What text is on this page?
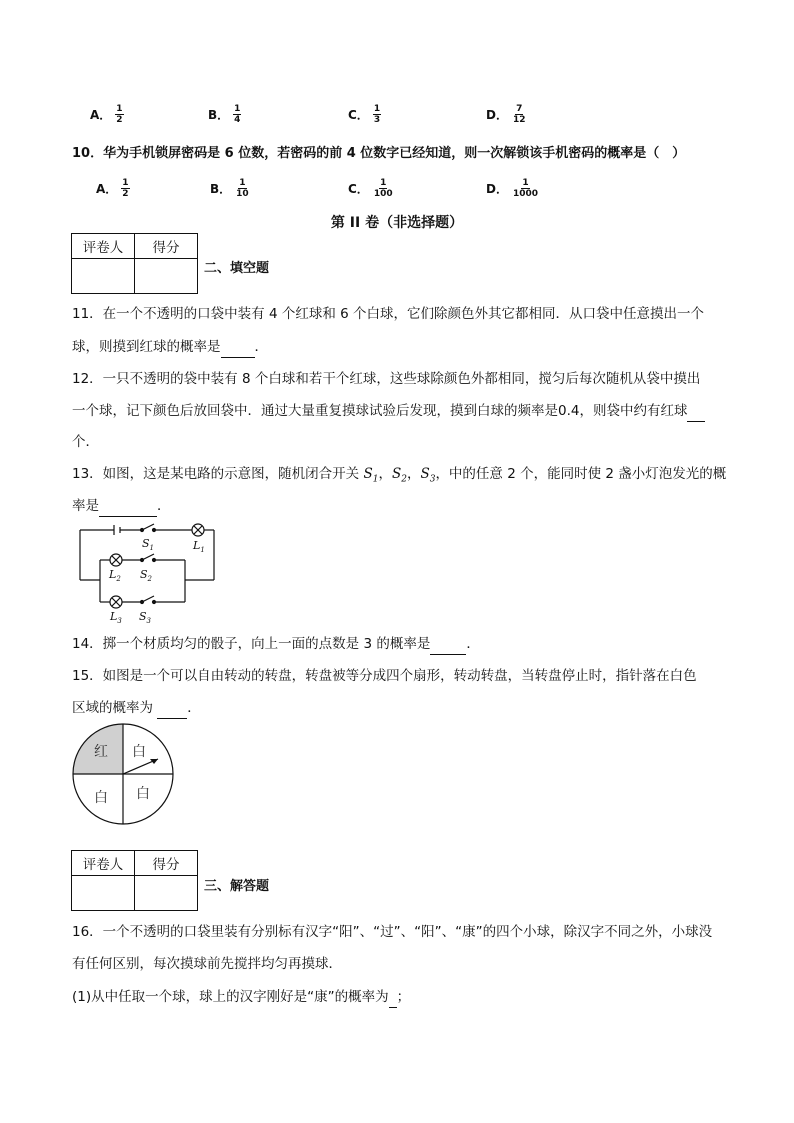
A． $\frac{1}{2}$	B． $\frac{1}{4}$	C． $\frac{1}{3}$	D． $\frac{7}{12}$
10．华为手机锁屏密码是 6 位数，若密码的前 4 位数字已经知道，则一次解锁该手机密码的概率是（　）
A． $\frac{1}{2}$	B． $\frac{1}{10}$	C． $\frac{1}{100}$	D． $\frac{1}{1000}$
第 II 卷（非选择题）
评卷人	得分

二、填空题
11．在一个不透明的口袋中装有 4 个红球和 6 个白球，它们除颜色外其它都相同．从口袋中任意摸出一个
球，则摸到红球的概率是	．
12．一只不透明的袋中装有 8 个白球和若干个红球，这些球除颜色外都相同，搅匀后每次随机从袋中摸出
一个球，记下颜色后放回袋中．通过大量重复摸球试验后发现，摸到白球的频率是0.4，则袋中约有红球
个．
13．如图，这是某电路的示意图，随机闭合开关 $S_1$，$S_2$，$S_3$，中的任意 2 个，能同时使 2 盏小灯泡发光的概
率是	．
$S_1$	$L_1$
$L_2$ $S_2$
$L_3$ $S_3$
14．掷一个材质均匀的骰子，向上一面的点数是 3 的概率是	．
15．如图是一个可以自由转动的转盘，转盘被等分成四个扇形，转动转盘，当转盘停止时，指针落在白色
区域的概率为 ．
红 白
白 白
评卷人	得分

三、解答题
16．一个不透明的口袋里装有分别标有汉字“阳”、“过”、“阳”、“康”的四个小球，除汉字不同之外，小球没
有任何区别，每次摸球前先搅拌均匀再摸球．
(1)从中任取一个球，球上的汉字刚好是“康”的概率为 ；
